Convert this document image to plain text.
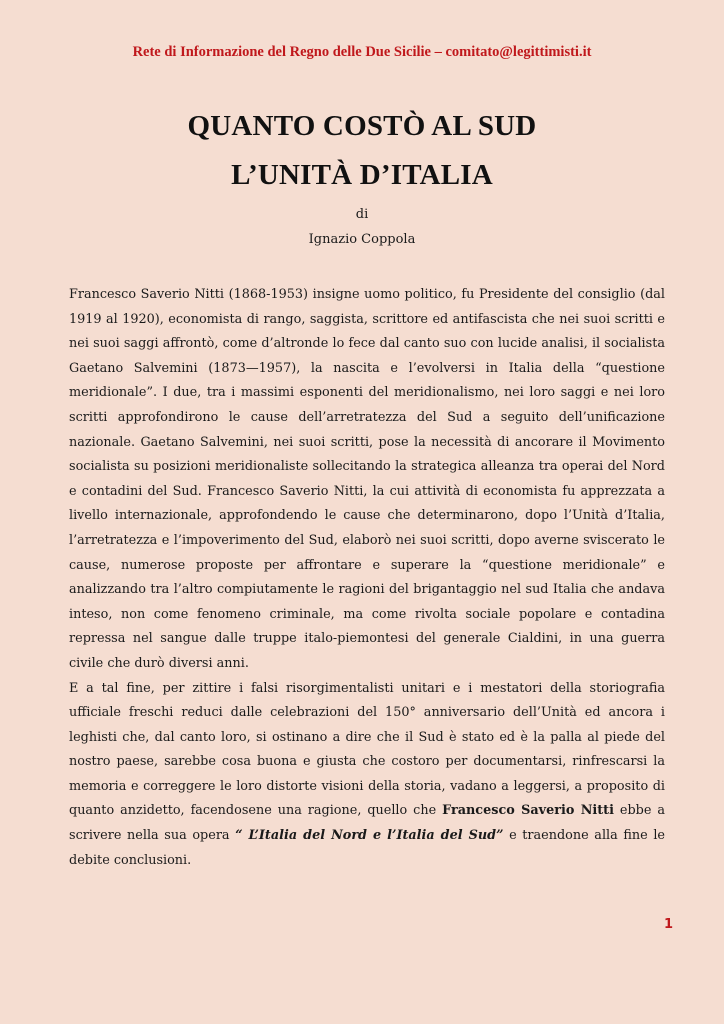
Rete di Informazione del Regno delle Due Sicilie – comitato@legittimisti.it
QUANTO COSTÒ AL SUD
L’UNITÀ D’ITALIA
di
Ignazio Coppola

Francesco Saverio Nitti (1868-1953) insigne uomo politico, fu Presidente del consiglio (dal 1919 al 1920), economista di rango, saggista, scrittore ed antifascista che nei suoi scritti e nei suoi saggi affrontò, come d’altronde lo fece dal canto suo con lucide analisi, il socialista Gaetano Salvemini (1873—1957), la nascita e l’evolversi in Italia della “questione meridionale”. I due, tra i massimi esponenti del meridionalismo, nei loro saggi e nei loro scritti approfondirono le cause dell’arretratezza del Sud a seguito dell’unificazione nazionale. Gaetano Salvemini, nei suoi scritti, pose la necessità di ancorare il Movimento socialista su posizioni meridionaliste sollecitando la strategica alleanza tra operai del Nord e contadini del Sud. Francesco Saverio Nitti, la cui attività di economista fu apprezzata a livello internazionale, approfondendo le cause che determinarono, dopo l’Unità d’Italia, l’arretratezza e l’impoverimento del Sud, elaborò nei suoi scritti, dopo averne sviscerato le cause, numerose proposte per affrontare e superare la “questione meridionale” e analizzando tra l’altro compiutamente le ragioni del brigantaggio nel sud Italia che andava inteso, non come fenomeno criminale, ma come rivolta sociale popolare e contadina repressa nel sangue dalle truppe italo-piemontesi del generale Cialdini, in una guerra civile che durò diversi anni.

E a tal fine, per zittire i falsi risorgimentalisti unitari e i mestatori della storiografia ufficiale freschi reduci dalle celebrazioni del 150° anniversario dell’Unità ed ancora i leghisti che, dal canto loro, si ostinano a dire che il Sud è stato ed è la palla al piede del nostro paese, sarebbe cosa buona e giusta che costoro per documentarsi, rinfrescarsi la memoria e correggere le loro distorte visioni della storia, vadano a leggersi, a proposito di quanto anzidetto, facendosene una ragione, quello che Francesco Saverio Nitti ebbe a scrivere nella sua opera “ L’Italia del Nord e l’Italia del Sud” e traendone alla fine le debite conclusioni.

1
